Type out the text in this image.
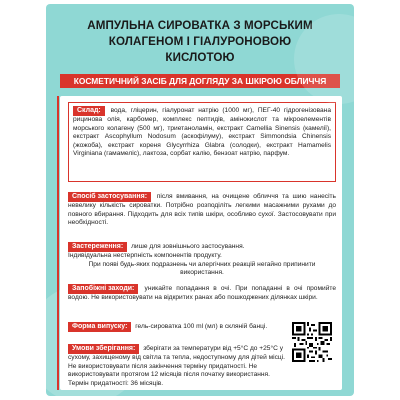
АМПУЛЬНА СИРОВАТКА З МОРСЬКИМ
КОЛАГЕНОМ І ГІАЛУРОНОВОЮ
КИСЛОТОЮ
КОСМЕТИЧНИЙ ЗАСІБ ДЛЯ ДОГЛЯДУ ЗА ШКІРОЮ ОБЛИЧЧЯ
Склад: вода, гліцерин, гіалуронат натрію (1000 мг), ПЕГ-40 гідрогенізована рицинова олія, карбомер, комплекс пептидів, амінокислот та мікроелементів морського колагену (500 мг), триетаноламін, екстракт Camellia Sinensis (камелії), екстракт Ascophyllum Nodosum (аскофілуму), екстракт Simmondsia Chinensis (жожоба), екстракт кореня Glycyrrhiza Glabra (солодки), екстракт Hamamelis Virginiana (гамамеліс), лактоза, сорбат калію, бензоат натрію, парфум.
Спосіб застосування: після вмивання, на очищене обличчя та шию нанесіть невелику кількість сироватки. Потрібно розподіліть легкими масажними рухами до повного вбирання. Підходить для всіх типів шкіри, особливо сухої. Застосовувати при необхідності.
Застереження: лише для зовнішнього застосування.
Індивідуальна нестерпність компонентів продукту.
При появі будь-яких подразнень чи алергічних реакцій негайно припинити використання.
Запобіжні заходи: уникайте попадання в очі. При попаданні в очі промийте водою. Не використовувати на відкритих ранах або пошкоджених ділянках шкіри.
Форма випуску: гель-сироватка 100 ml (мл) в скляній банці.
Умови зберігання: зберігати за температури від +5°C до +25°C у сухому, захищеному від світла та тепла, недоступному для дітей місці. Не використовувати після закінчення терміну придатності. Не використовувати протягом 12 місяців після початку використання.
Термін придатності: 36 місяців.
